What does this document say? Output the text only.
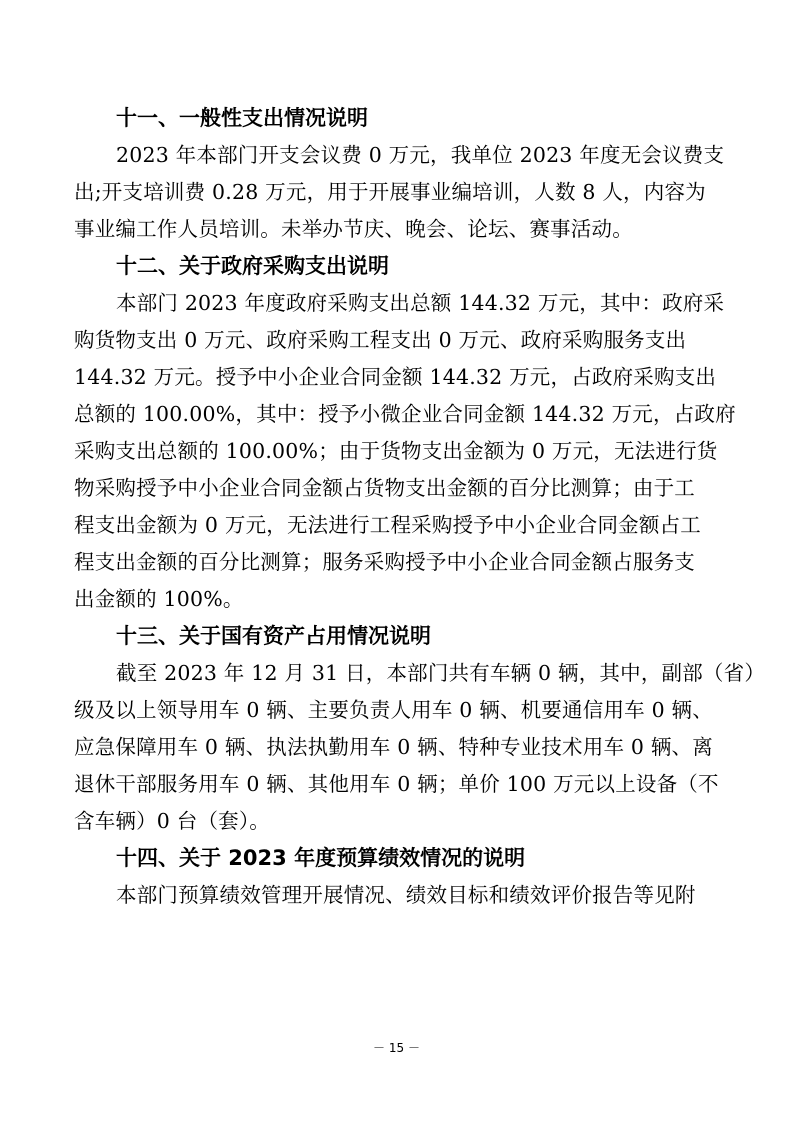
十一、一般性支出情况说明
2023 年本部门开支会议费 0 万元，我单位 2023 年度无会议费支
出;开支培训费 0.28 万元，用于开展事业编培训，人数 8 人，内容为
事业编工作人员培训。未举办节庆、晚会、论坛、赛事活动。
十二、关于政府采购支出说明
本部门 2023 年度政府采购支出总额 144.32 万元，其中：政府采
购货物支出 0 万元、政府采购工程支出 0 万元、政府采购服务支出
144.32 万元。授予中小企业合同金额 144.32 万元，占政府采购支出
总额的 100.00%，其中：授予小微企业合同金额 144.32 万元，占政府
采购支出总额的 100.00%；由于货物支出金额为 0 万元，无法进行货
物采购授予中小企业合同金额占货物支出金额的百分比测算；由于工
程支出金额为 0 万元，无法进行工程采购授予中小企业合同金额占工
程支出金额的百分比测算；服务采购授予中小企业合同金额占服务支
出金额的 100%。
十三、关于国有资产占用情况说明
截至 2023 年 12 月 31 日，本部门共有车辆 0 辆，其中，副部（省）
级及以上领导用车 0 辆、主要负责人用车 0 辆、机要通信用车 0 辆、
应急保障用车 0 辆、执法执勤用车 0 辆、特种专业技术用车 0 辆、离
退休干部服务用车 0 辆、其他用车 0 辆；单价 100 万元以上设备（不
含车辆）0 台（套）。
十四、关于 2023 年度预算绩效情况的说明
本部门预算绩效管理开展情况、绩效目标和绩效评价报告等见附
－ 15 －
